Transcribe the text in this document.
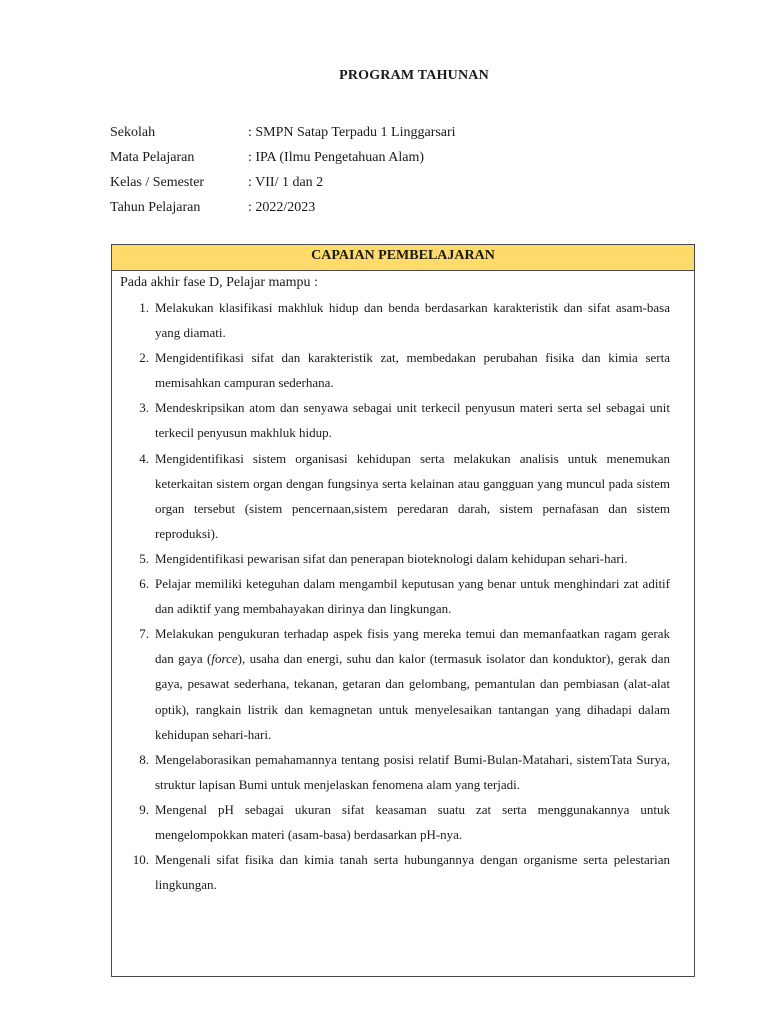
PROGRAM TAHUNAN
Sekolah	: SMPN Satap Terpadu 1 Linggarsari
Mata Pelajaran	: IPA (Ilmu Pengetahuan Alam)
Kelas / Semester	: VII/ 1 dan 2
Tahun Pelajaran	: 2022/2023
CAPAIAN PEMBELAJARAN
Pada akhir fase D, Pelajar mampu :
1. Melakukan klasifikasi makhluk hidup dan benda berdasarkan karakteristik dan sifat asam-basa yang diamati.
2. Mengidentifikasi sifat dan karakteristik zat, membedakan perubahan fisika dan kimia serta memisahkan campuran sederhana.
3. Mendeskripsikan atom dan senyawa sebagai unit terkecil penyusun materi serta sel sebagai unit terkecil penyusun makhluk hidup.
4. Mengidentifikasi sistem organisasi kehidupan serta melakukan analisis untuk menemukan keterkaitan sistem organ dengan fungsinya serta kelainan atau gangguan yang muncul pada sistem organ tersebut (sistem pencernaan,sistem peredaran darah, sistem pernafasan dan sistem reproduksi).
5. Mengidentifikasi pewarisan sifat dan penerapan bioteknologi dalam kehidupan sehari-hari.
6. Pelajar memiliki keteguhan dalam mengambil keputusan yang benar untuk menghindari zat aditif dan adiktif yang membahayakan dirinya dan lingkungan.
7. Melakukan pengukuran terhadap aspek fisis yang mereka temui dan memanfaatkan ragam gerak dan gaya (force), usaha dan energi, suhu dan kalor (termasuk isolator dan konduktor), gerak dan gaya, pesawat sederhana, tekanan, getaran dan gelombang, pemantulan dan pembiasan (alat-alat optik), rangkain listrik dan kemagnetan untuk menyelesaikan tantangan yang dihadapi dalam kehidupan sehari-hari.
8. Mengelaborasikan pemahamannya tentang posisi relatif Bumi-Bulan-Matahari, sistemTata Surya, struktur lapisan Bumi untuk menjelaskan fenomena alam yang terjadi.
9. Mengenal pH sebagai ukuran sifat keasaman suatu zat serta menggunakannya untuk mengelompokkan materi (asam-basa) berdasarkan pH-nya.
10. Mengenali sifat fisika dan kimia tanah serta hubungannya dengan organisme serta pelestarian lingkungan.
